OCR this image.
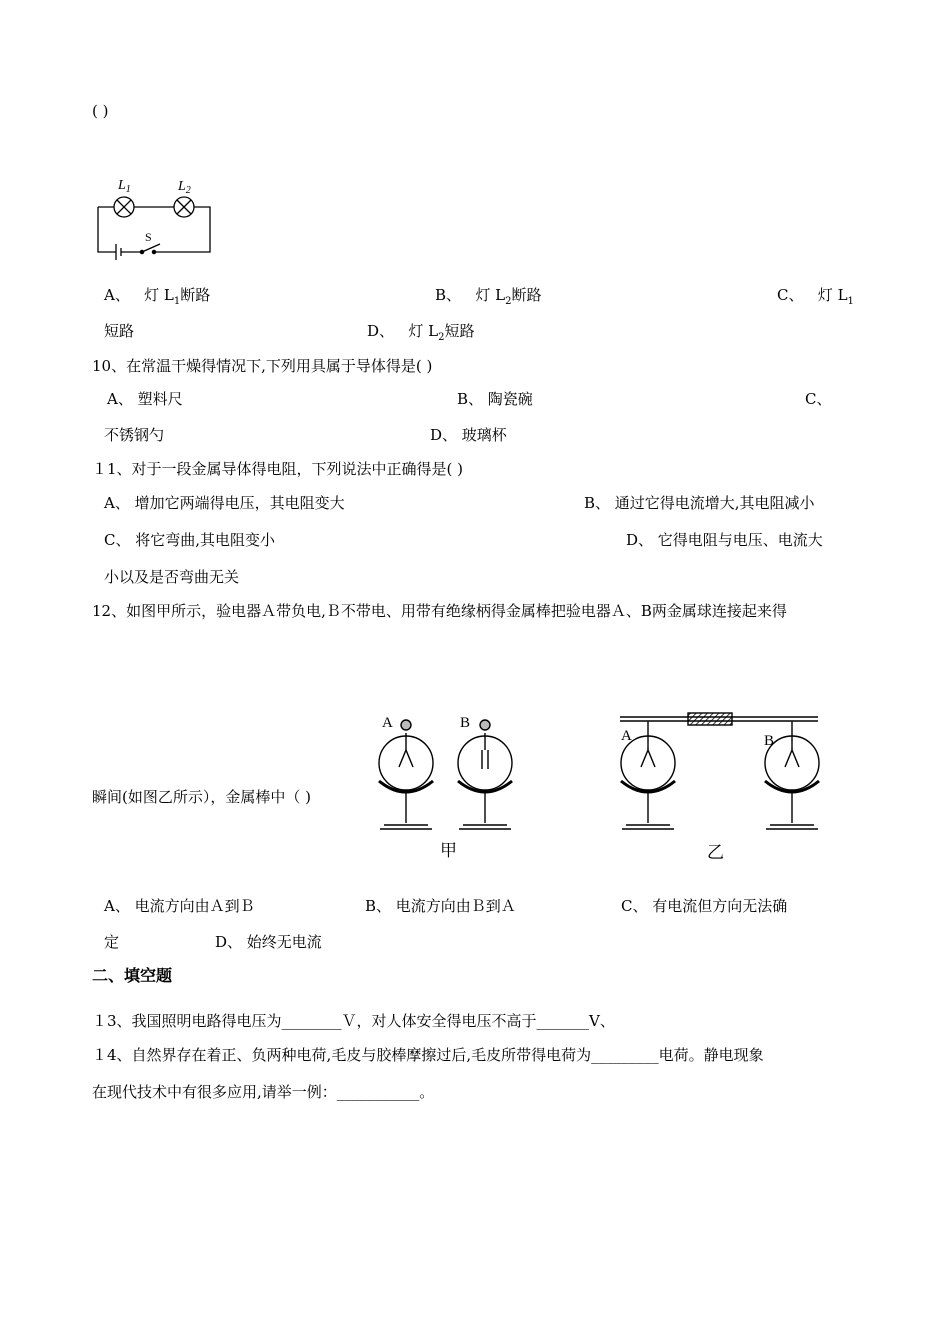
( )
$L_1$	$L_2$
S
A、 灯 $L_1$断路	B、 灯 $L_2$断路	C、 灯 $L_1$
短路	D、 灯 $L_2$短路
10、在常温干燥得情况下,下列用具属于导体得是( )
A、 塑料尺	B、 陶瓷碗	C、
不锈钢勺	D、 玻璃杯
１1、对于一段金属导体得电阻，下列说法中正确得是( )
A、 增加它两端得电压，其电阻变大	B、 通过它得电流增大,其电阻减小
C、 将它弯曲,其电阻变小	D、 它得电阻与电压、电流大
小以及是否弯曲无关
12、如图甲所示，验电器Ａ带负电,Ｂ不带电、用带有绝缘柄得金属棒把验电器Ａ、B两金属球连接起来得
瞬间(如图乙所示），金属棒中（ )
A	B
A	B
甲	乙
A、 电流方向由Ａ到Ｂ	B、 电流方向由Ｂ到Ａ	C、 有电流但方向无法确
定	D、 始终无电流
二、填空题
１3、我国照明电路得电压为________Ｖ，对人体安全得电压不高于_______V、
１4、自然界存在着正、负两种电荷,毛皮与胶棒摩擦过后,毛皮所带得电荷为_________电荷。静电现象
在现代技术中有很多应用,请举一例：___________。
